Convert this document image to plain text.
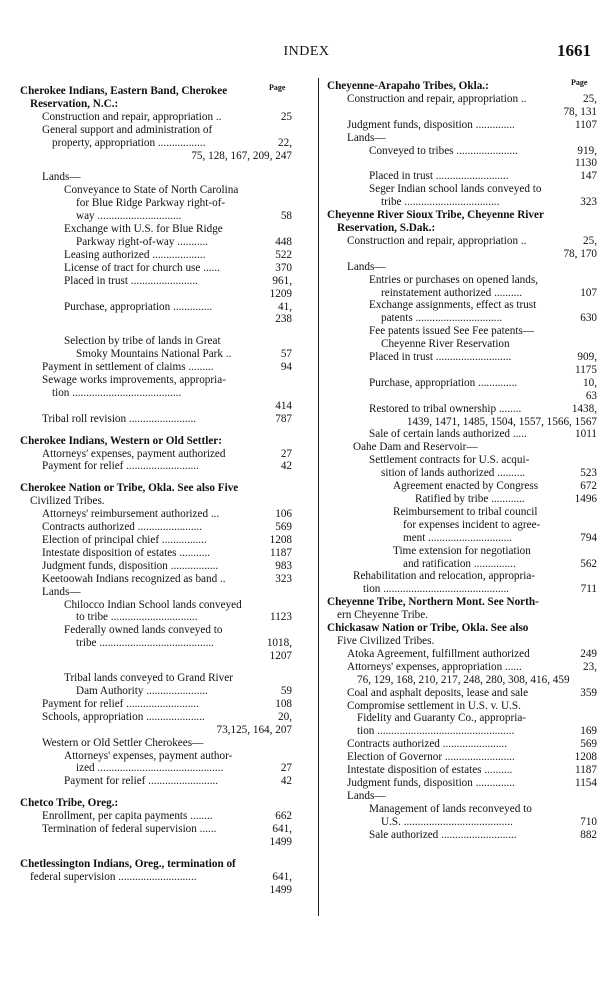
INDEX	1661
Page
Cherokee Indians, Eastern Band, Cherokee
Reservation, N.C.:
Construction and repair, appropriation ..	25
General support and administration of
property, appropriation .................	22,
75, 128, 167, 209, 247
Lands—
Conveyance to State of North Carolina
for Blue Ridge Parkway right-of-
way ..............................	58
Exchange with U.S. for Blue Ridge
Parkway right-of-way ...........	448
Leasing authorized ...................	522
License of tract for church use ......	370
Placed in trust ........................	961,
1209
Purchase, appropriation ..............	41,
238
Selection by tribe of lands in Great
Smoky Mountains National Park ..	57
Payment in settlement of claims .........	94
Sewage works improvements, appropria-
tion .......................................
414
Tribal roll revision ........................	787
Cherokee Indians, Western or Old Settler:
Attorneys' expenses, payment authorized	27
Payment for relief ..........................	42
Cherokee Nation or Tribe, Okla. See also Five
Civilized Tribes.
Attorneys' reimbursement authorized ...	106
Contracts authorized .......................	569
Election of principal chief ................	1208
Intestate disposition of estates ...........	1187
Judgment funds, disposition .................	983
Keetoowah Indians recognized as band ..	323
Lands—
Chilocco Indian School lands conveyed
to tribe ...............................	1123
Federally owned lands conveyed to
tribe .........................................	1018,
1207
Tribal lands conveyed to Grand River
Dam Authority ......................	59
Payment for relief ..........................	108
Schools, appropriation .....................	20,
73,125, 164, 207
Western or Old Settler Cherokees—
Attorneys' expenses, payment author-
ized .............................................	27
Payment for relief .........................	42
Chetco Tribe, Oreg.:
Enrollment, per capita payments ........	662
Termination of federal supervision ......	641,
1499
Chetlessington Indians, Oreg., termination of
federal supervision ............................	641,
1499
Page
Cheyenne-Arapaho Tribes, Okla.:
Construction and repair, appropriation ..	25,
78, 131
Judgment funds, disposition ..............	1107
Lands—
Conveyed to tribes ......................	919,
1130
Placed in trust ..........................	147
Seger Indian school lands conveyed to
tribe ..................................	323
Cheyenne River Sioux Tribe, Cheyenne River
Reservation, S.Dak.:
Construction and repair, appropriation ..	25,
78, 170
Lands—
Entries or purchases on opened lands,
reinstatement authorized ..........	107
Exchange assignments, effect as trust
patents ...............................	630
Fee patents issued See Fee patents—
Cheyenne River Reservation
Placed in trust ...........................	909,
1175
Purchase, appropriation ..............	10,
63
Restored to tribal ownership ........	1438,
1439, 1471, 1485, 1504, 1557, 1566, 1567
Sale of certain lands authorized .....	1011
Oahe Dam and Reservoir—
Settlement contracts for U.S. acqui-
sition of lands authorized ..........	523
Agreement enacted by Congress	672
Ratified by tribe ............	1496
Reimbursement to tribal council
for expenses incident to agree-
ment ..............................	794
Time extension for negotiation
and ratification ...............	562
Rehabilitation and relocation, appropria-
tion .............................................	711
Cheyenne Tribe, Northern Mont. See North-
ern Cheyenne Tribe.
Chickasaw Nation or Tribe, Okla. See also
Five Civilized Tribes.
Atoka Agreement, fulfillment authorized	249
Attorneys' expenses, appropriation ......	23,
76, 129, 168, 210, 217, 248, 280, 308, 416, 459
Coal and asphalt deposits, lease and sale	359
Compromise settlement in U.S. v. U.S.
Fidelity and Guaranty Co., appropria-
tion .................................................	169
Contracts authorized .......................	569
Election of Governor .........................	1208
Intestate disposition of estates ..........	1187
Judgment funds, disposition ..............	1154
Lands—
Management of lands reconveyed to
U.S. .......................................	710
Sale authorized ...........................	882
